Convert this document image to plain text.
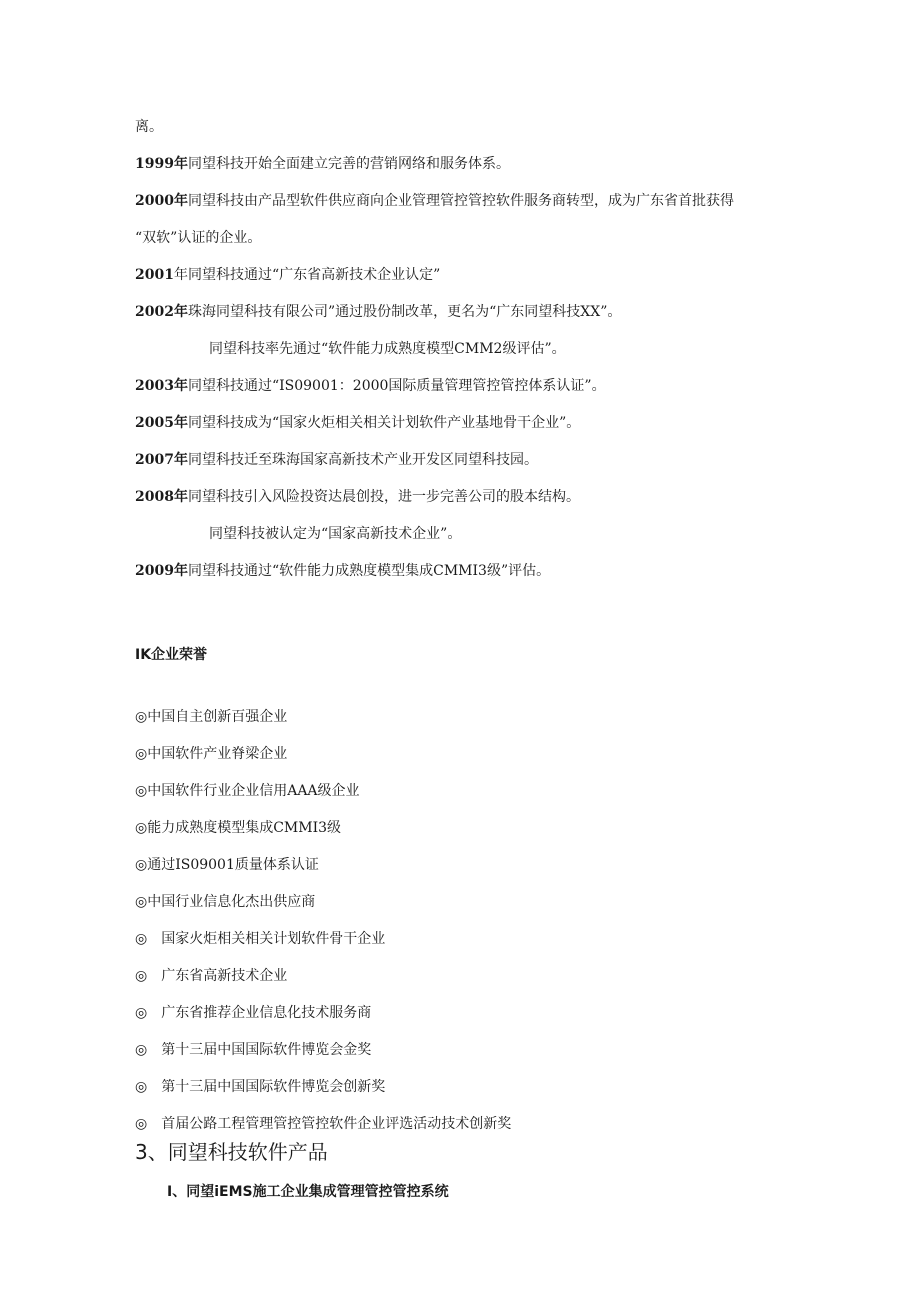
离。
1999年同望科技开始全面建立完善的营销网络和服务体系。
2000年同望科技由产品型软件供应商向企业管理管控管控软件服务商转型，成为广东省首批获得
“双软”认证的企业。
2001年同望科技通过“广东省高新技术企业认定”
2002年珠海同望科技有限公司”通过股份制改革，更名为“广东同望科技XX”。
同望科技率先通过“软件能力成熟度模型CMM2级评估”。
2003年同望科技通过“IS09001：2000国际质量管理管控管控体系认证”。
2005年同望科技成为“国家火炬相关相关计划软件产业基地骨干企业”。
2007年同望科技迁至珠海国家高新技术产业开发区同望科技园。
2008年同望科技引入风险投资达晨创投，进一步完善公司的股本结构。
同望科技被认定为“国家高新技术企业”。
2009年同望科技通过“软件能力成熟度模型集成CMMI3级”评估。
IK企业荣誉
◎中国自主创新百强企业
◎中国软件产业脊梁企业
◎中国软件行业企业信用AAA级企业
◎能力成熟度模型集成CMMI3级
◎通过IS09001质量体系认证
◎中国行业信息化杰出供应商
◎　国家火炬相关相关计划软件骨干企业
◎　广东省高新技术企业
◎　广东省推荐企业信息化技术服务商
◎　第十三届中国国际软件博览会金奖
◎　第十三届中国国际软件博览会创新奖
◎　首届公路工程管理管控管控软件企业评选活动技术创新奖
3、同望科技软件产品
I、同望iEMS施工企业集成管理管控管控系统
